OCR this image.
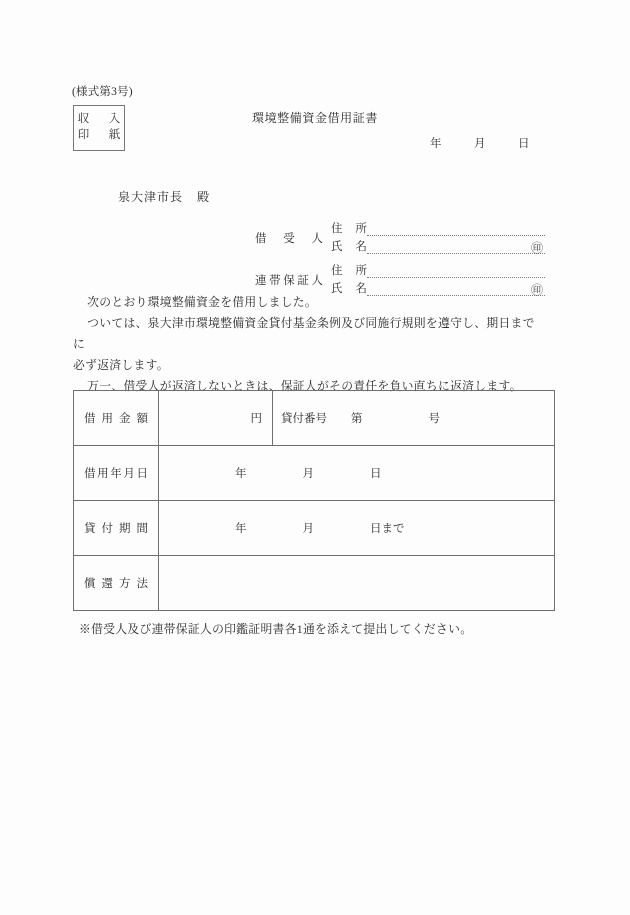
(様式第3号)
収　入
印　紙
環境整備資金借用証書
年	月	日
泉大津市長 殿
借受人
住　所
氏　名	㊞
連帯保証人
住　所
氏　名	㊞

次のとおり環境整備資金を借用しました。

ついては、泉大津市環境整備資金貸付基金条例及び同施行規則を遵守し、期日までに

必ず返済します。

万一、借受人が返済しないときは、保証人がその責任を負い直ちに返済します。

借用金額	円	貸付番号 第 号
借用年月日	年 月 日	
貸付期間	年 月 日まで	
償還方法		
※借受人及び連帯保証人の印鑑証明書各1通を添えて提出してください。
